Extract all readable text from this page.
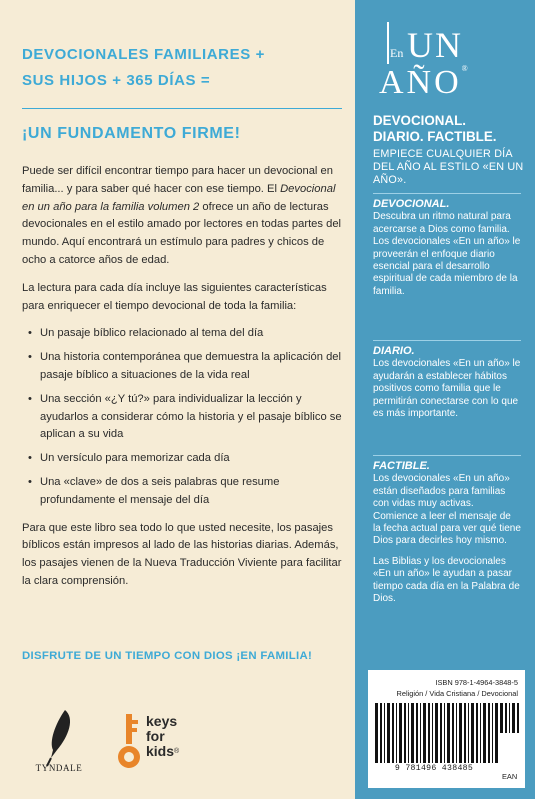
DEVOCIONALES FAMILIARES +
SUS HIJOS + 365 DÍAS =
¡UN FUNDAMENTO FIRME!

Puede ser difícil encontrar tiempo para hacer un devocional en familia... y para saber qué hacer con ese tiempo. El Devocional en un año para la familia volumen 2 ofrece un año de lecturas devocionales en el estilo amado por lectores en todas partes del mundo. Aquí encontrará un estímulo para padres y chicos de ocho a catorce años de edad.

La lectura para cada día incluye las siguientes características para enriquecer el tiempo devocional de toda la familia:

• Un pasaje bíblico relacionado al tema del día
• Una historia contemporánea que demuestra la aplicación del pasaje bíblico a situaciones de la vida real
• Una sección «¿Y tú?» para individualizar la lección y ayudarlos a considerar cómo la historia y el pasaje bíblico se aplican a su vida
• Un versículo para memorizar cada día
• Una «clave» de dos a seis palabras que resume profundamente el mensaje del día

Para que este libro sea todo lo que usted necesite, los pasajes bíblicos están impresos al lado de las historias diarias. Además, los pasajes vienen de la Nueva Traducción Viviente para facilitar la clara comprensión.

DISFRUTE DE UN TIEMPO CON DIOS ¡EN FAMILIA!
TYNDALE
keys
for
kids®
En UN
AÑO®
DEVOCIONAL.
DIARIO. FACTIBLE.
EMPIECE CUALQUIER DÍA DEL AÑO AL ESTILO «EN UN AÑO».
DEVOCIONAL.

Descubra un ritmo natural para acercarse a Dios como familia.

Los devocionales «En un año» le proveerán el enfoque diario esencial para el desarrollo espiritual de cada miembro de la familia.

DIARIO.

Los devocionales «En un año» le ayudarán a establecer hábitos positivos como familia que le permitirán conectarse con lo que es más importante.

FACTIBLE.

Los devocionales «En un año» están diseñados para familias con vidas muy activas. Comience a leer el mensaje de la fecha actual para ver qué tiene Dios para decirles hoy mismo.

Las Biblias y los devocionales «En un año» le ayudan a pasar tiempo cada día en la Palabra de Dios.

ISBN 978-1-4964-3848-5
Religión / Vida Cristiana / Devocional
9 781496 438485
EAN
